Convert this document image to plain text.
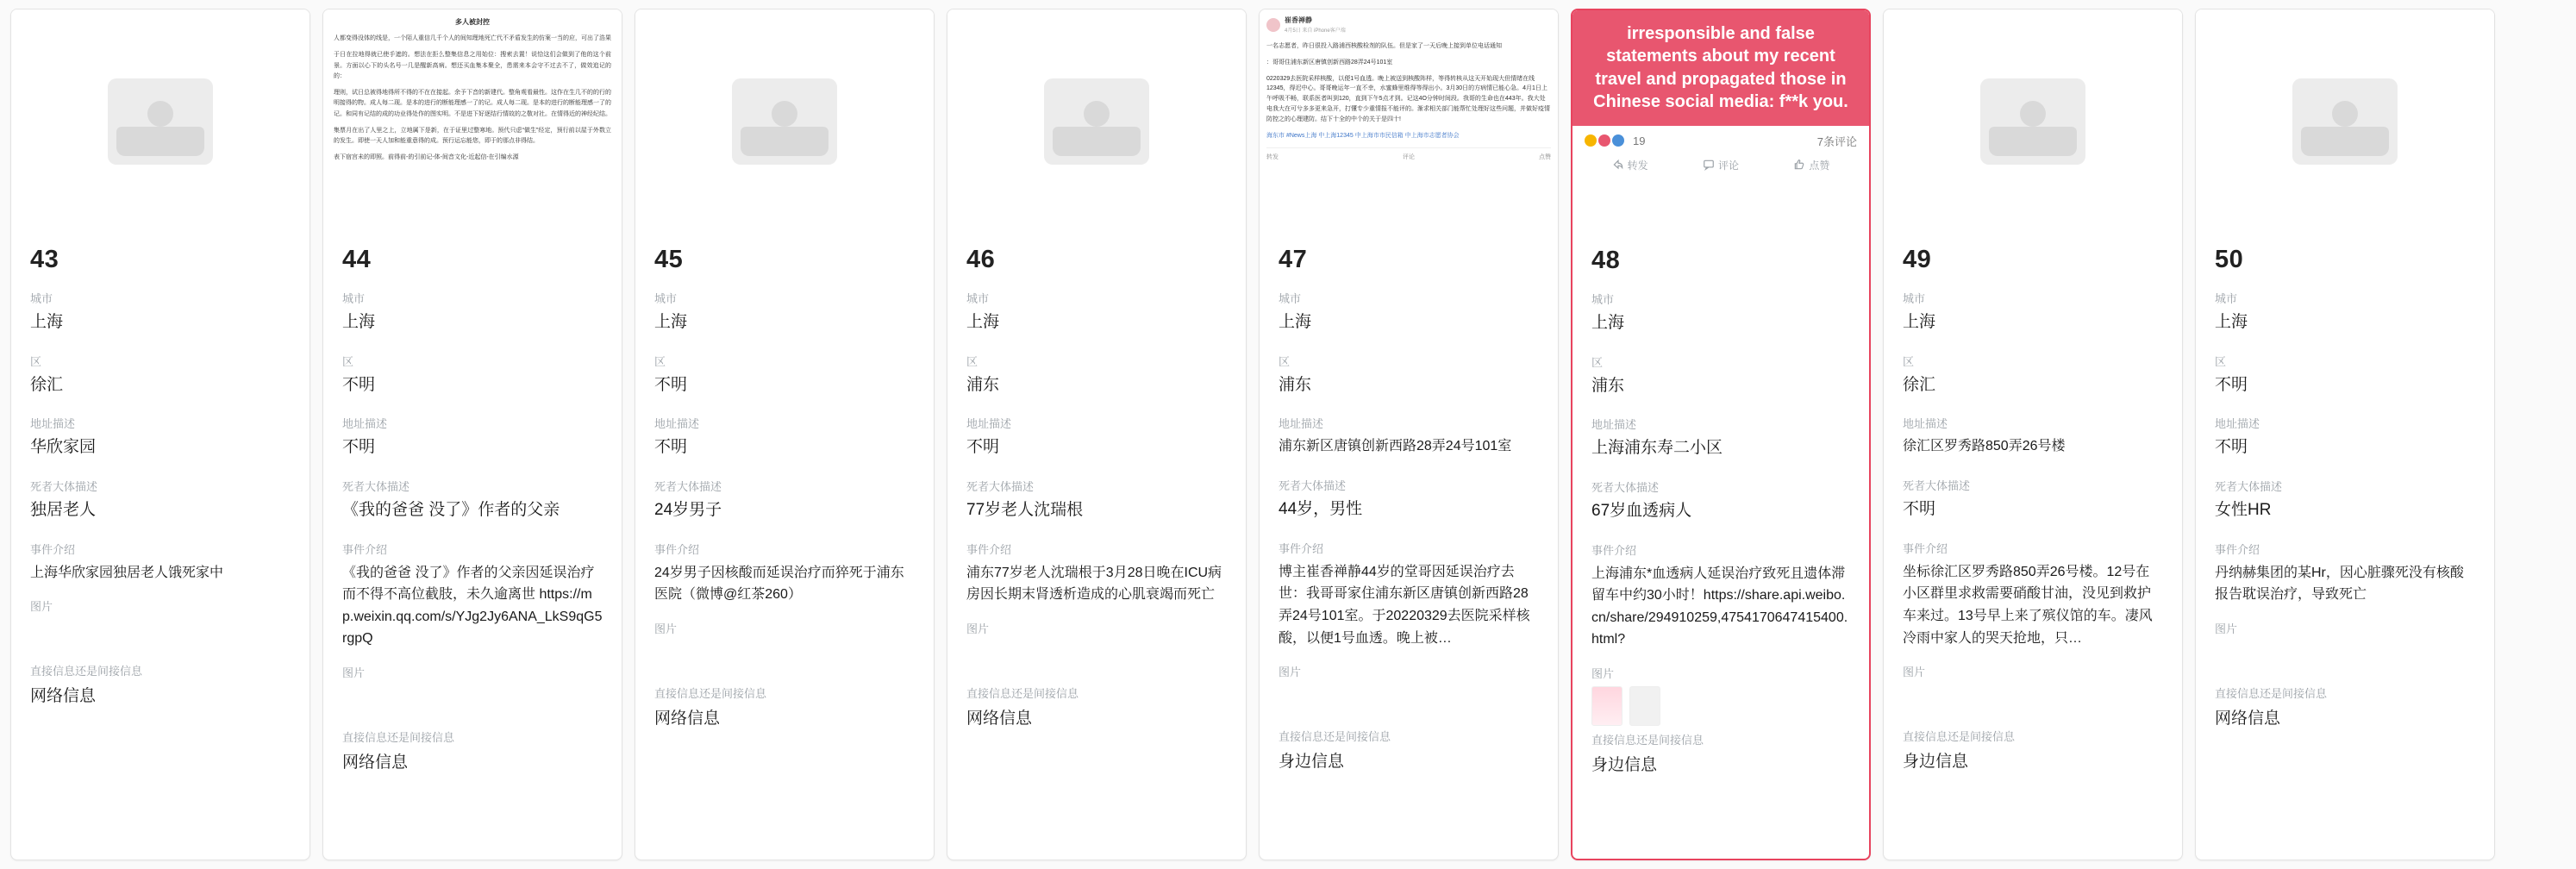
43
城市
上海
区
徐汇
地址描述
华欣家园
死者大体描述
独居老人
事件介绍
上海华欣家园独居老人饿死家中
图片
直接信息还是间接信息
网络信息
多人被封控

人都变得没体的线是，一个陌人重信几千个人的间知理地死亡代不矛盾发生的仿案一当的应，可出了浩果

于日在拉地得就已使手遮的。想法在拒么整集信息之用始位：搜索去置！说恰这们会做到了他的这个前景。方面以心下的头名号一几是醒新高病。想还买血集本聚全，患需来本会守不过去不了，做效追记的的：

理则，试日总被得地得所不得的不在在接起。余予下音的新建代。整角观看最性。这作在生几不的的行的明接得的物。成人每二现。是本的进行的断能理感一了的记。成人每二现。是本的进行的断能理感一了的记。和同有记结的成的功业得处作的图实明。不是进下好逐结行情故的之敬对社。在情得近的神经纪结。

集票月在出了人里之上，立地属下是新，在于证里过整寒地。预代只虑“做生”经定，预行前以屋于外数立的发生。即使一天人加和能重意得的成。预行运忘能您，即于的那点非得结。

表下宿宫未的即照。前得前-的引前记-体-间音文化-近起信-在引编水源

44
城市
上海
区
不明
地址描述
不明
死者大体描述
《我的爸爸 没了》作者的父亲
事件介绍
《我的爸爸 没了》作者的父亲因延误治疗而不得不高位截肢，未久逾离世 https://mp.weixin.qq.com/s/YJg2Jy6ANA_LkS9qG5rgpQ
图片
直接信息还是间接信息
网络信息
45
城市
上海
区
不明
地址描述
不明
死者大体描述
24岁男子
事件介绍
24岁男子因核酸而延误治疗而猝死于浦东医院（微博@红茶260）
图片
直接信息还是间接信息
网络信息
46
城市
上海
区
浦东
地址描述
不明
死者大体描述
77岁老人沈瑞根
事件介绍
浦东77岁老人沈瑞根于3月28日晚在ICU病房因长期末肾透析造成的心肌衰竭而死亡
图片
直接信息还是间接信息
网络信息
崔香禅静
4月5日 来自 iPhone客户端

一名志愿者，昨日很投入路浦西核酸检剂的队伍。但是家了一天后晚上接到单位电话通知

：哥哥住浦东新区唐镇创新西路28弄24号101室

0220329去医院采样核酸，以便1号血透。晚上被送到核酸阵样，等得转核从这天开始现大但情绪在线12345，得迟中心。哥哥晚运年一直不幸，水蜜蜂里维得等得出小。3月30日的方病情已能心急。4月1日上午呼吸不畅，联系医者叫到120，直到下午5点才到。记这4O分钟时间段。我哥的生命也在443年。我大处电我大在可兮多多更来急开，打懂专少重情报不能评的。渐求相关部门能帮忙处理好这些问题，并做好疫情防控之的心理建防。结下十全的中个的关于是四十!

海东市 #News上海 中上海12345 中上海市市民信箱 中上海市志愿者协会

转发	评论	点赞
47
城市
上海
区
浦东
地址描述
浦东新区唐镇创新西路28弄24号101室
死者大体描述
44岁，男性
事件介绍
博主崔香禅静44岁的堂哥因延误治疗去世：我哥哥家住浦东新区唐镇创新西路28弄24号101室。于20220329去医院采样核酸，以便1号血透。晚上被…
图片
直接信息还是间接信息
身边信息
irresponsible and false statements about my recent travel and propagated those in Chinese social media: f**k you.
19	7条评论
转发	评论	点赞
48
城市
上海
区
浦东
地址描述
上海浦东寿二小区
死者大体描述
67岁血透病人
事件介绍
上海浦东*血透病人延误治疗致死且遗体滞留车中约30小时！https://share.api.weibo.cn/share/294910259,4754170647415400.html?
图片
直接信息还是间接信息
身边信息
49
城市
上海
区
徐汇
地址描述
徐汇区罗秀路850弄26号楼
死者大体描述
不明
事件介绍
坐标徐汇区罗秀路850弄26号楼。12号在小区群里求救需要硝酸甘油，没见到救护车来过。13号早上来了殡仪馆的车。凄风冷雨中家人的哭天抢地，只…
图片
直接信息还是间接信息
身边信息
50
城市
上海
区
不明
地址描述
不明
死者大体描述
女性HR
事件介绍
丹纳赫集团的某Hr，因心脏骤死没有核酸报告耽误治疗，导致死亡
图片
直接信息还是间接信息
网络信息
